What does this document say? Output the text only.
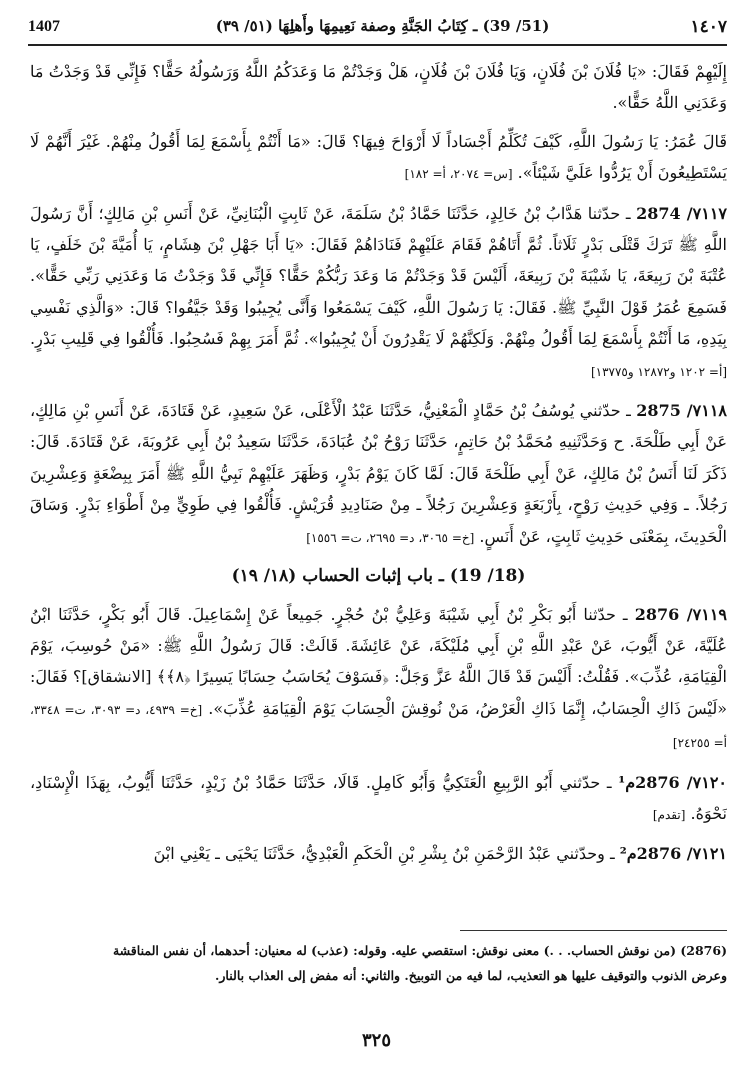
1407	(51/ 39) ـ كِتَابُ الجَنَّةِ وصفة نَعِيمِهَا وأَهلِهَا (٥١/ ٣٩)	١٤٠٧

إِلَيْهِمْ فَقَالَ: «يَا فُلَانَ بْنَ فُلَانٍ، وَيَا فُلَانَ بْنَ فُلَانٍ، هَلْ وَجَدْتُمْ مَا وَعَدَكُمُ اللَّهُ وَرَسُولُهُ حَقًّا؟ فَإِنِّي قَدْ وَجَدْتُ مَا وَعَدَنِي اللَّهُ حَقًّا».

قَالَ عُمَرُ: يَا رَسُولَ اللَّهِ، كَيْفَ تُكَلِّمُ أَجْسَاداً لَا أَرْوَاحَ فِيهَا؟ قَالَ: «مَا أَنْتُمْ بِأَسْمَعَ لِمَا أَقُولُ مِنْهُمْ. غَيْرَ أَنَّهُمْ لَا يَسْتَطِيعُونَ أَنْ يَرُدُّوا عَلَيَّ شَيْئاً». [س= ٢٠٧٤، أ= ١٨٢]

٧١١٧/ 2874 ـ حدّثنا هَدَّابُ بْنُ خَالِدٍ، حَدَّثَنَا حَمَّادُ بْنُ سَلَمَةَ، عَنْ ثَابِتٍ الْبُنَانِيِّ، عَنْ أَنَسِ بْنِ مَالِكٍ؛ أَنَّ رَسُولَ اللَّهِ ﷺ تَرَكَ قَتْلَى بَدْرٍ ثَلَاثاً. ثُمَّ أَتَاهُمْ فَقَامَ عَلَيْهِمْ فَنَادَاهُمْ فَقَالَ: «يَا أَبَا جَهْلِ بْنَ هِشَامٍ، يَا أُمَيَّةَ بْنَ خَلَفٍ، يَا عُتْبَةَ بْنَ رَبِيعَةَ، يَا شَيْبَةَ بْنَ رَبِيعَةَ، أَلَيْسَ قَدْ وَجَدْتُمْ مَا وَعَدَ رَبُّكُمْ حَقًّا؟ فَإِنِّي قَدْ وَجَدْتُ مَا وَعَدَنِي رَبِّي حَقًّا». فَسَمِعَ عُمَرُ قَوْلَ النَّبِيِّ ﷺ. فَقَالَ: يَا رَسُولَ اللَّهِ، كَيْفَ يَسْمَعُوا وَأَنَّى يُجِيبُوا وَقَدْ جَيَّفُوا؟ قَالَ: «وَالَّذِي نَفْسِي بِيَدِهِ، مَا أَنْتُمْ بِأَسْمَعَ لِمَا أَقُولُ مِنْهُمْ. وَلَكِنَّهُمْ لَا يَقْدِرُونَ أَنْ يُجِيبُوا». ثُمَّ أَمَرَ بِهِمْ فَسُحِبُوا. فَأُلْقُوا فِي قَلِيبِ بَدْرٍ. [أ= ١٢٠٢ و١٢٨٧٢ و١٣٧٧٥]

٧١١٨/ 2875 ـ حدّثني يُوسُفُ بْنُ حَمَّادٍ الْمَعْنِيُّ، حَدَّثَنَا عَبْدُ الْأَعْلَى، عَنْ سَعِيدٍ، عَنْ قَتَادَةَ، عَنْ أَنَسِ بْنِ مَالِكٍ، عَنْ أَبِي طَلْحَةَ. ح وَحَدَّثَنِيهِ مُحَمَّدُ بْنُ حَاتِمٍ، حَدَّثَنَا رَوْحُ بْنُ عُبَادَةَ، حَدَّثَنَا سَعِيدُ بْنُ أَبِي عَرُوبَةَ، عَنْ قَتَادَةَ. قَالَ: ذَكَرَ لَنَا أَنَسُ بْنُ مَالِكٍ، عَنْ أَبِي طَلْحَةَ قَالَ: لَمَّا كَانَ يَوْمُ بَدْرٍ، وَظَهَرَ عَلَيْهِمْ نَبِيُّ اللَّهِ ﷺ أَمَرَ بِبِضْعَةٍ وَعِشْرِينَ رَجُلاً. ـ وَفِي حَدِيثِ رَوْحٍ، بِأَرْبَعَةٍ وَعِشْرِينَ رَجُلاً ـ مِنْ صَنَادِيدِ قُرَيْشٍ. فَأُلْقُوا فِي طَوِيٍّ مِنْ أَطْوَاءِ بَدْرٍ. وَسَاقَ الْحَدِيثَ، بِمَعْنَى حَدِيثِ ثَابِتٍ، عَنْ أَنَسٍ. [خ= ٣٠٦٥، د= ٢٦٩٥، ت= ١٥٥٦]

(18/ 19) ـ باب إثبات الحساب (١٨/ ١٩)

٧١١٩/ 2876 ـ حدّثنا أَبُو بَكْرِ بْنُ أَبِي شَيْبَةَ وَعَلِيُّ بْنُ حُجْرٍ. جَمِيعاً عَنْ إِسْمَاعِيلَ. قَالَ أَبُو بَكْرٍ، حَدَّثَنَا ابْنُ عُلَيَّةَ، عَنْ أَيُّوبَ، عَنْ عَبْدِ اللَّهِ بْنِ أَبِي مُلَيْكَةَ، عَنْ عَائِشَةَ. قَالَتْ: قَالَ رَسُولُ اللَّهِ ﷺ: «مَنْ حُوسِبَ، يَوْمَ الْقِيَامَةِ، عُذِّبَ». فَقُلْتُ: أَلَيْسَ قَدْ قَالَ اللَّهُ عَزَّ وَجَلَّ: ﴿فَسَوْفَ يُحَاسَبُ حِسَابًا يَسِيرًا ﴿٨﴾﴾ [الانشقاق]؟ فَقَالَ: «لَيْسَ ذَاكِ الْحِسَابُ، إِنَّمَا ذَاكِ الْعَرْضُ، مَنْ نُوقِشَ الْحِسَابَ يَوْمَ الْقِيَامَةِ عُذِّبَ». [خ= ٤٩٣٩، د= ٣٠٩٣، ت= ٣٣٤٨، أ= ٢٤٢٥٥]

٧١٢٠/ 2876م¹ ـ حدّثني أَبُو الرَّبِيعِ الْعَتَكِيُّ وَأَبُو كَامِلٍ. قَالَا، حَدَّثَنَا حَمَّادُ بْنُ زَيْدٍ، حَدَّثَنَا أَيُّوبُ، بِهَذَا الْإِسْنَادِ، نَحْوَهُ. [تقدم]

٧١٢١/ 2876م² ـ وحدّثني عَبْدُ الرَّحْمَنِ بْنُ بِشْرِ بْنِ الْحَكَمِ الْعَبْدِيُّ، حَدَّثَنَا يَحْيَى ـ يَعْنِي ابْنَ

(2876) (من نوقش الحساب. . .) معنى نوقش: استقصي عليه. وقوله: (عذب) له معنيان: أحدهما، أن نفس المناقشة

وعرض الذنوب والتوقيف عليها هو التعذيب، لما فيه من التوبيخ. والثاني: أنه مفض إلى العذاب بالنار.

٣٢٥
